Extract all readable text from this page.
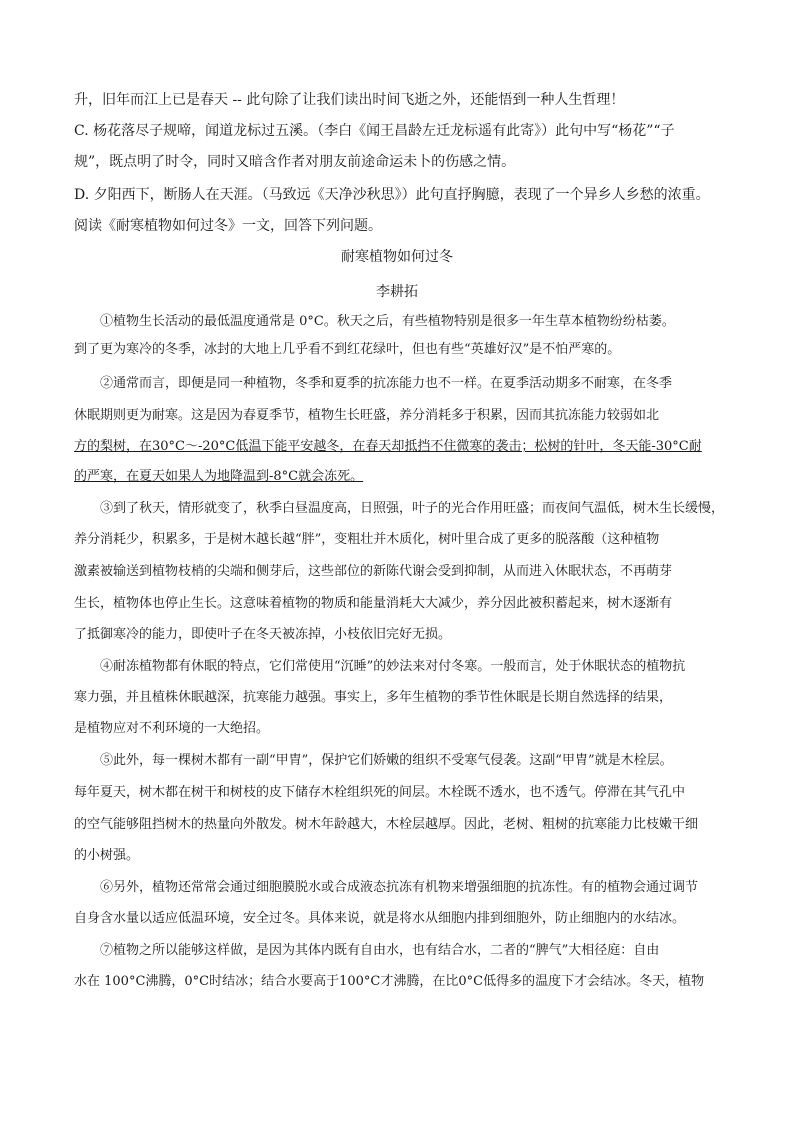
升，旧年而江上已是春天 -- 此句除了让我们读出时间飞逝之外，还能悟到一种人生哲理！
C. 杨花落尽子规啼，闻道龙标过五溪。（李白《闻王昌龄左迁龙标遥有此寄》）此句中写“杨花”“子
规”，既点明了时令，同时又暗含作者对朋友前途命运未卜的伤感之情。
D. 夕阳西下，断肠人在天涯。（马致远《天净沙秋思》）此句直抒胸臆，表现了一个异乡人乡愁的浓重。
阅读《耐寒植物如何过冬》一文，回答下列问题。
耐寒植物如何过冬
李耕拓
①植物生长活动的最低温度通常是 0°C。秋天之后，有些植物特别是很多一年生草本植物纷纷枯萎。
到了更为寒冷的冬季，冰封的大地上几乎看不到红花绿叶，但也有些“英雄好汉”是不怕严寒的。
②通常而言，即便是同一种植物，冬季和夏季的抗冻能力也不一样。在夏季活动期多不耐寒，在冬季
休眠期则更为耐寒。这是因为春夏季节，植物生长旺盛，养分消耗多于积累，因而其抗冻能力较弱如北
方的梨树，在30°C～-20°C低温下能平安越冬，在春天却抵挡不住微寒的袭击；松树的针叶，冬天能-30°C耐
的严寒，在夏天如果人为地降温到-8°C就会冻死。
③到了秋天，情形就变了，秋季白昼温度高，日照强，叶子的光合作用旺盛；而夜间气温低，树木生长缓慢，
养分消耗少，积累多，于是树木越长越“胖”，变粗壮并木质化，树叶里合成了更多的脱落酸（这种植物
激素被输送到植物枝梢的尖端和侧芽后，这些部位的新陈代谢会受到抑制，从而进入休眠状态，不再萌芽
生长，植物体也停止生长。这意味着植物的物质和能量消耗大大减少，养分因此被积蓄起来，树木逐渐有
了抵御寒冷的能力，即使叶子在冬天被冻掉，小枝依旧完好无损。
④耐冻植物都有休眠的特点，它们常使用“沉睡”的妙法来对付冬寒。一般而言，处于休眠状态的植物抗
寒力强，并且植株休眠越深，抗寒能力越强。事实上，多年生植物的季节性休眠是长期自然选择的结果，
是植物应对不利环境的一大绝招。
⑤此外，每一棵树木都有一副“甲胄”，保护它们娇嫩的组织不受寒气侵袭。这副“甲胄”就是木栓层。
每年夏天，树木都在树干和树枝的皮下储存木栓组织死的间层。木栓既不透水，也不透气。停滞在其气孔中
的空气能够阻挡树木的热量向外散发。树木年龄越大，木栓层越厚。因此，老树、粗树的抗寒能力比枝嫩干细
的小树强。
⑥另外，植物还常常会通过细胞膜脱水或合成液态抗冻有机物来增强细胞的抗冻性。有的植物会通过调节
自身含水量以适应低温环境，安全过冬。具体来说，就是将水从细胞内排到细胞外，防止细胞内的水结冰。
⑦植物之所以能够这样做，是因为其体内既有自由水，也有结合水，二者的“脾气”大相径庭：自由
水在 100°C沸腾，0°C时结冰；结合水要高于100°C才沸腾，在比0°C低得多的温度下才会结冰。冬天，植物
